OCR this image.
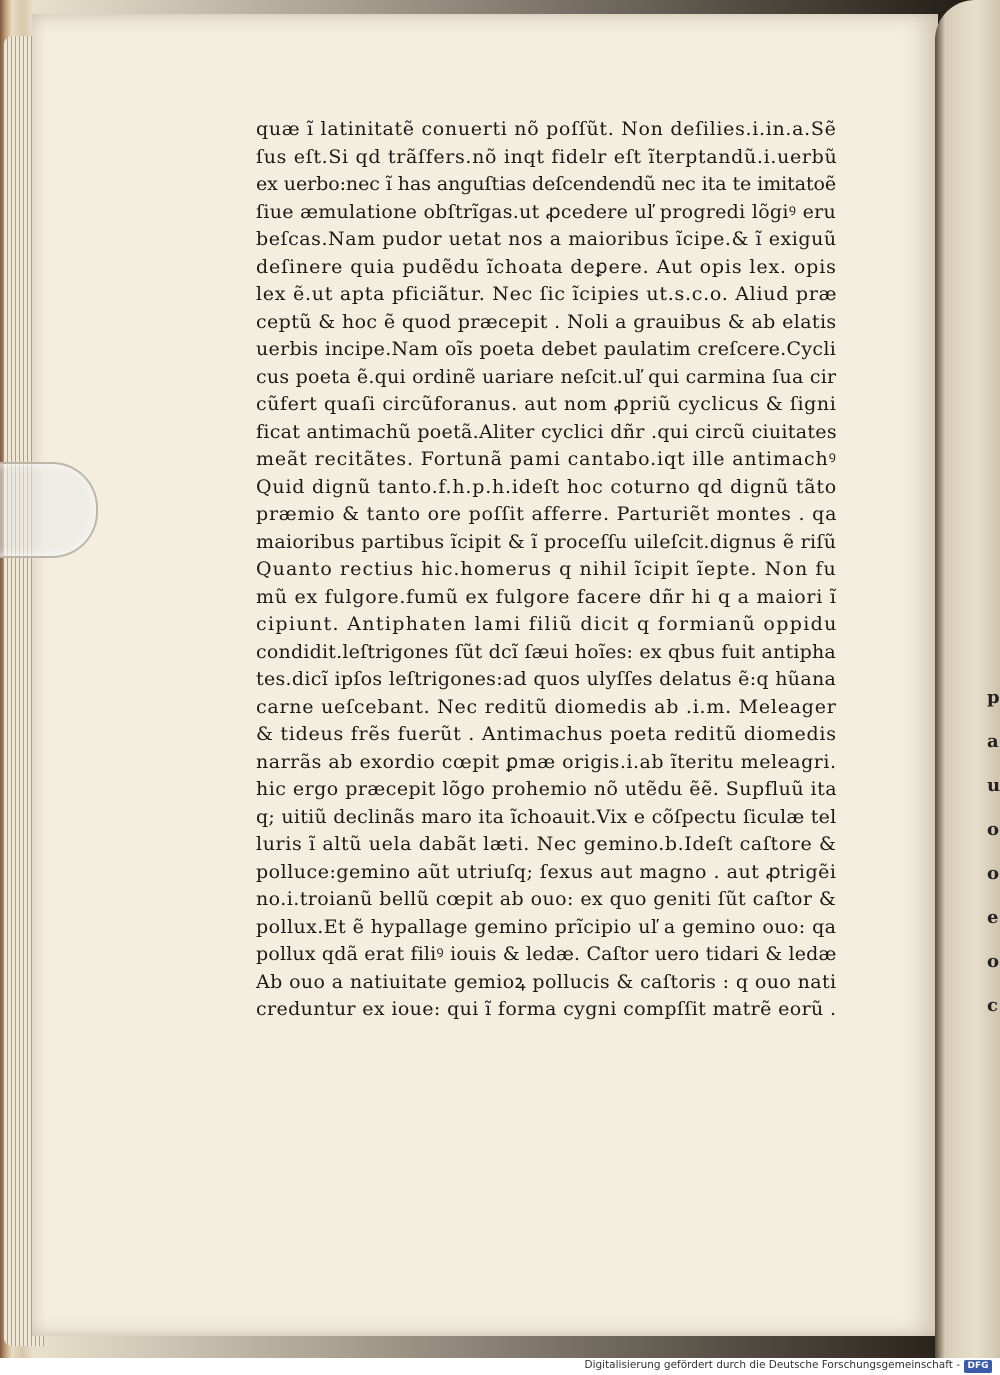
p
a
u
o
o
e
o
c
quæ ĩ latinitatẽ conuerti nõ poſſũt. Non deſilies.i.in.a.Sẽ
ſus eſt.Si qd trãſfers.nõ inqt fidelr eſt ĩterptandũ.i.uerbũ
ex uerbo:nec ĩ has anguſtias deſcendendũ nec ita te imitatoẽ
ſiue æmulatione obſtrĩgas.ut ꝓcedere uľ progredi lõgiꝰ eru
beſcas.Nam pudor uetat nos a maioribus ĩcipe.& ĩ exiguũ
deſinere quia pudẽdu ĩchoata deꝑere. Aut opis lex. opis
lex ẽ.ut apta pficiãtur. Nec ſic ĩcipies ut.s.c.o. Aliud præ
ceptũ & hoc ẽ quod præcepit . Noli a grauibus & ab elatis
uerbis incipe.Nam oĩs poeta debet paulatim creſcere.Cycli
cus poeta ẽ.qui ordinẽ uariare neſcit.uľ qui carmina ſua cir
cũfert quaſi circũforanus. aut nom ꝓpriũ cyclicus & ſigni
ficat antimachũ poetã.Aliter cyclici dñr .qui circũ ciuitates
meãt recitãtes. Fortunã pami cantabo.iqt ille antimachꝰ
Quid dignũ tanto.f.h.p.h.ideſt hoc coturno qd dignũ tãto
præmio & tanto ore poſſit afferre. Parturiẽt montes . qa
maioribus partibus ĩcipit & ĩ proceſſu uileſcit.dignus ẽ riſũ
Quanto rectius hic.homerus q nihil ĩcipit ĩepte. Non fu
mũ ex fulgore.fumũ ex fulgore facere dñr hi q a maiori ĩ
cipiunt. Antiphaten lami filiũ dicit q formianũ oppidu
condidit.leſtrigones ſũt dcĩ ſæui hoĩes: ex qbus fuit antipha
tes.dicĩ ipſos leſtrigones:ad quos ulyſſes delatus ẽ:q hũana
carne ueſcebant. Nec reditũ diomedis ab .i.m. Meleager
& tideus frẽs fuerũt . Antimachus poeta reditũ diomedis
narrãs ab exordio cœpit ꝑmæ origis.i.ab ĩteritu meleagri.
hic ergo præcepit lõgo prohemio nõ utẽdu ẽẽ. Supfluũ ita
q; uitiũ declinãs maro ita ĩchoauit.Vix e cõſpectu ſiculæ tel
luris ĩ altũ uela dabãt læti. Nec gemino.b.Ideſt caſtore &
polluce:gemino aũt utriuſq; ſexus aut magno . aut ꝓtrigẽi
no.i.troianũ bellũ cœpit ab ouo: ex quo geniti ſũt caſtor &
pollux.Et ẽ hypallage gemino prĩcipio uľ a gemino ouo: qa
pollux qdã erat filiꝰ iouis & ledæ. Caſtor uero tidari & ledæ
Ab ouo a natiuitate gemioꝝ pollucis & caſtoris : q ouo nati
creduntur ex ioue: qui ĩ forma cygni compſſit matrẽ eorũ .
Digitalisierung gefördert durch die Deutsche Forschungsgemeinschaft - DFG
